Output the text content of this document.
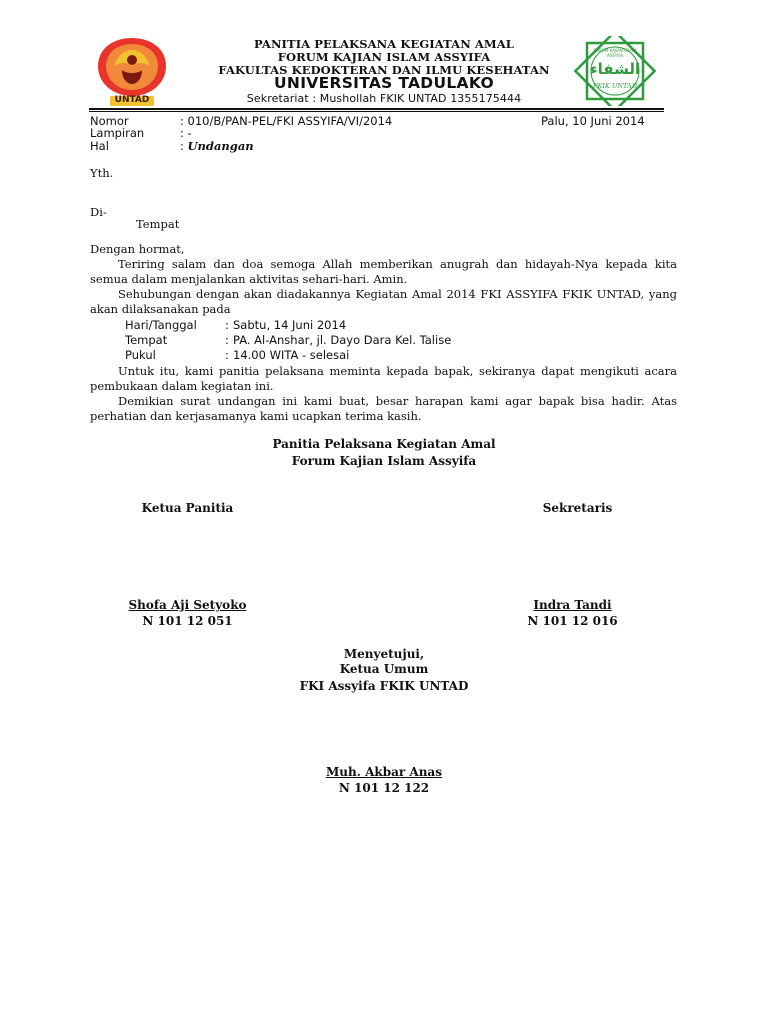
UNTAD
PANITIA PELAKSANA KEGIATAN AMAL
FORUM KAJIAN ISLAM ASSYIFA
FAKULTAS KEDOKTERAN DAN ILMU KESEHATAN
UNIVERSITAS TADULAKO
Sekretariat : Mushollah FKIK UNTAD 1355175444
FORUM KAJIAN ISLAM ASSYIFA
الشفاء
FKIK UNTAD
Nomor	: 010/B/PAN-PEL/FKI ASSYIFA/VI/2014	Palu, 10 Juni 2014
Lampiran	: -
Hal	: Undangan
Yth.
Di-
Tempat
Dengan hormat,
Teriring salam dan doa semoga Allah memberikan anugrah dan hidayah-Nya kepada kita semua dalam menjalankan aktivitas sehari-hari. Amin.
Sehubungan dengan akan diadakannya Kegiatan Amal 2014 FKI ASSYIFA FKIK UNTAD, yang akan dilaksanakan pada
Hari/Tanggal : Sabtu, 14 Juni 2014
Tempat	: PA. Al-Anshar, jl. Dayo Dara Kel. Talise
Pukul	: 14.00 WITA - selesai
Untuk itu, kami panitia pelaksana meminta kepada bapak, sekiranya dapat mengikuti acara pembukaan dalam kegiatan ini.
Demikian surat undangan ini kami buat, besar harapan kami agar bapak bisa hadir. Atas perhatian dan kerjasamanya kami ucapkan terima kasih.
Panitia Pelaksana Kegiatan Amal
Forum Kajian Islam Assyifa
Ketua Panitia	Sekretaris
Shofa Aji Setyoko
N 101 12 051
Indra Tandi
N 101 12 016
Menyetujui,
Ketua Umum
FKI Assyifa FKIK UNTAD
Muh. Akbar Anas
N 101 12 122
